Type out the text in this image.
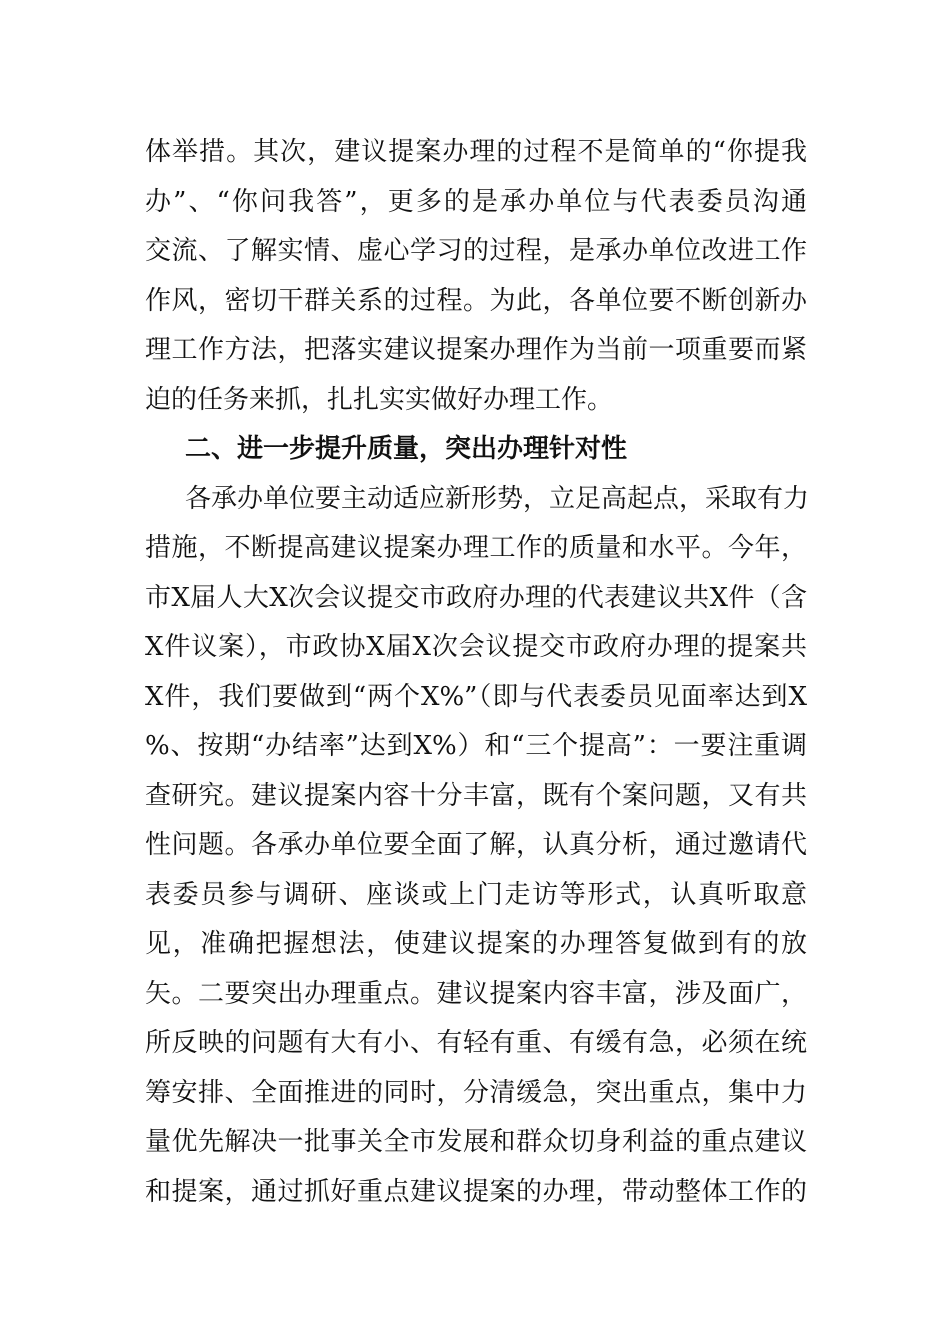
体举措。其次，建议提案办理的过程不是简单的“你提我
办”、“你问我答”，更多的是承办单位与代表委员沟通
交流、了解实情、虚心学习的过程，是承办单位改进工作
作风，密切干群关系的过程。为此，各单位要不断创新办
理工作方法，把落实建议提案办理作为当前一项重要而紧
迫的任务来抓，扎扎实实做好办理工作。
二、进一步提升质量，突出办理针对性
各承办单位要主动适应新形势，立足高起点，采取有力
措施，不断提高建议提案办理工作的质量和水平。今年，
市X届人大X次会议提交市政府办理的代表建议共X件（含
X件议案），市政协X届X次会议提交市政府办理的提案共
X件，我们要做到“两个X%”（即与代表委员见面率达到X
%、按期“办结率”达到X%）和“三个提高”：一要注重调
查研究。建议提案内容十分丰富，既有个案问题，又有共
性问题。各承办单位要全面了解，认真分析，通过邀请代
表委员参与调研、座谈或上门走访等形式，认真听取意
见，准确把握想法，使建议提案的办理答复做到有的放
矢。二要突出办理重点。建议提案内容丰富，涉及面广，
所反映的问题有大有小、有轻有重、有缓有急，必须在统
筹安排、全面推进的同时，分清缓急，突出重点，集中力
量优先解决一批事关全市发展和群众切身利益的重点建议
和提案，通过抓好重点建议提案的办理，带动整体工作的
